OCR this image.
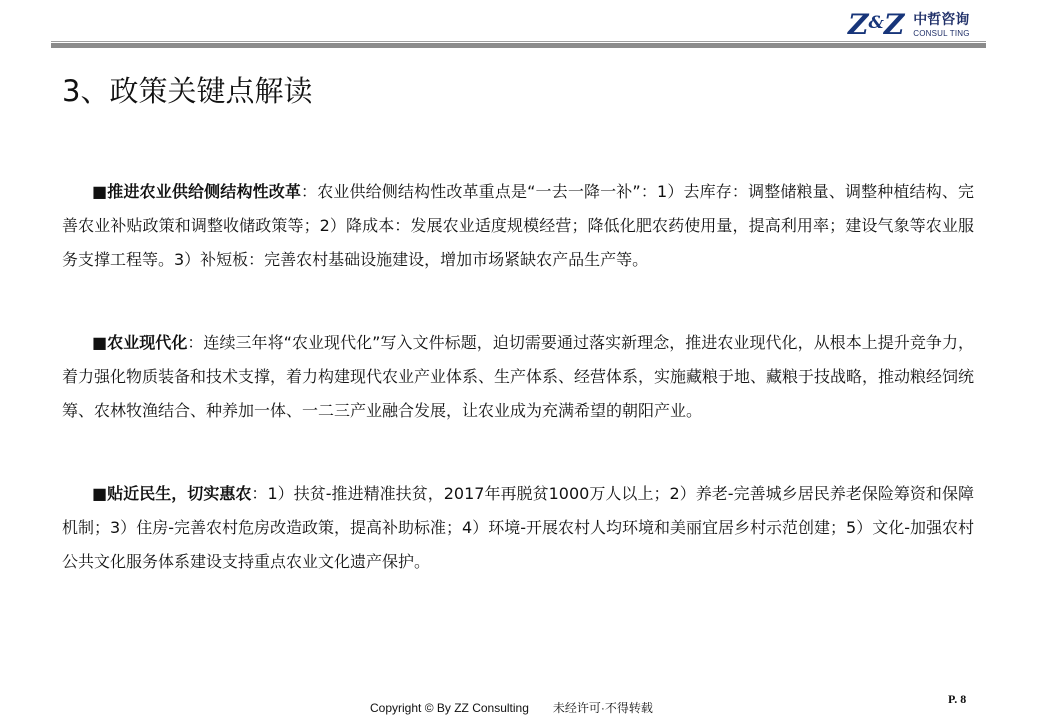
Z&Z 中哲咨询
CONSUL TING
3、政策关键点解读

■推进农业供给侧结构性改革：农业供给侧结构性改革重点是“一去一降一补”：1）去库存：调整储粮量、调整种植结构、完善农业补贴政策和调整收储政策等；2）降成本：发展农业适度规模经营；降低化肥农药使用量，提高利用率；建设气象等农业服务支撑工程等。3）补短板：完善农村基础设施建设，增加市场紧缺农产品生产等。

■农业现代化：连续三年将“农业现代化”写入文件标题，迫切需要通过落实新理念，推进农业现代化，从根本上提升竞争力，着力强化物质装备和技术支撑，着力构建现代农业产业体系、生产体系、经营体系，实施藏粮于地、藏粮于技战略，推动粮经饲统筹、农林牧渔结合、种养加一体、一二三产业融合发展，让农业成为充满希望的朝阳产业。

■贴近民生，切实惠农：1）扶贫-推进精准扶贫，2017年再脱贫1000万人以上；2）养老-完善城乡居民养老保险筹资和保障机制；3）住房-完善农村危房改造政策，提高补助标准；4）环境-开展农村人均环境和美丽宜居乡村示范创建；5）文化-加强农村公共文化服务体系建设支持重点农业文化遗产保护。

Copyright © By ZZ Consulting 未经许可·不得转载
P. 8
